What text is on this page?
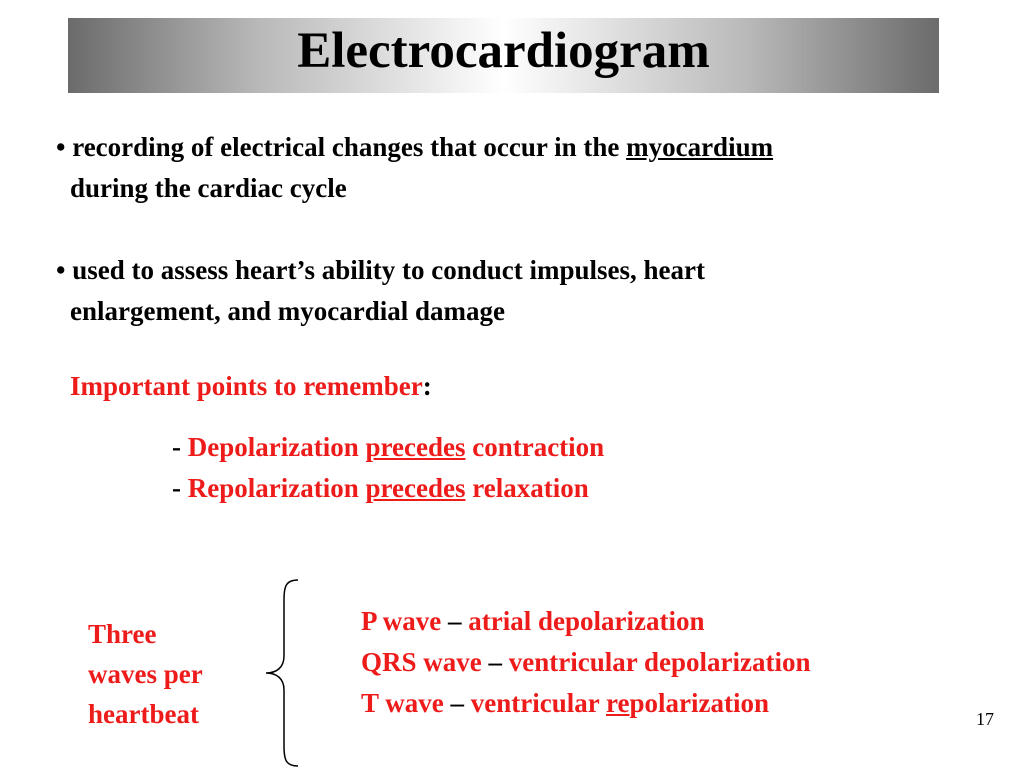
Electrocardiogram
• recording of electrical changes that occur in the myocardium
during the cardiac cycle
• used to assess heart’s ability to conduct impulses, heart
enlargement, and myocardial damage
Important points to remember:
- Depolarization precedes contraction
- Repolarization precedes relaxation
Three
waves per
heartbeat
P wave – atrial depolarization
QRS wave – ventricular depolarization
T wave – ventricular repolarization
17
